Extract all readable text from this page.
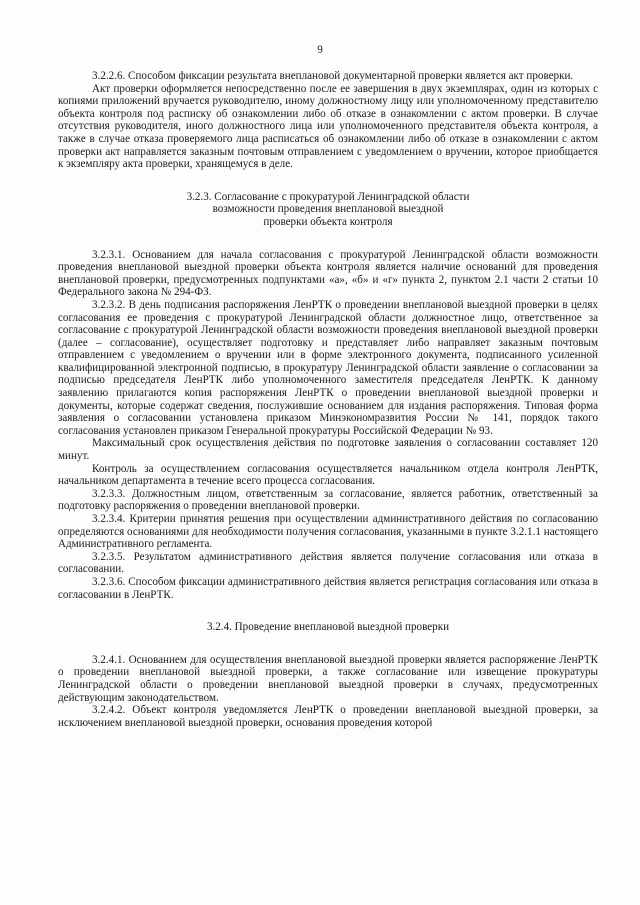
9

3.2.2.6. Способом фиксации результата внеплановой документарной проверки является акт проверки.

Акт проверки оформляется непосредственно после ее завершения в двух экземплярах, один из которых с копиями приложений вручается руководителю, иному должностному лицу или уполномоченному представителю объекта контроля под расписку об ознакомлении либо об отказе в ознакомлении с актом проверки. В случае отсутствия руководителя, иного должностного лица или уполномоченного представителя объекта контроля, а также в случае отказа проверяемого лица расписаться об ознакомлении либо об отказе в ознакомлении с актом проверки акт направляется заказным почтовым отправлением с уведомлением о вручении, которое приобщается к экземпляру акта проверки, хранящемуся в деле.

3.2.3. Согласование с прокуратурой Ленинградской области
возможности проведения внеплановой выездной
проверки объекта контроля

3.2.3.1. Основанием для начала согласования с прокуратурой Ленинградской области возможности проведения внеплановой выездной проверки объекта контроля является наличие оснований для проведения внеплановой проверки, предусмотренных подпунктами «а», «б» и «г» пункта 2, пунктом 2.1 части 2 статьи 10 Федерального закона № 294-ФЗ.

3.2.3.2. В день подписания распоряжения ЛенРТК о проведении внеплановой выездной проверки в целях согласования ее проведения с прокуратурой Ленинградской области должностное лицо, ответственное за согласование с прокуратурой Ленинградской области возможности проведения внеплановой выездной проверки (далее – согласование), осуществляет подготовку и представляет либо направляет заказным почтовым отправлением с уведомлением о вручении или в форме электронного документа, подписанного усиленной квалифицированной электронной подписью, в прокуратуру Ленинградской области заявление о согласовании за подписью председателя ЛенРТК либо уполномоченного заместителя председателя ЛенРТК. К данному заявлению прилагаются копия распоряжения ЛенРТК о проведении внеплановой выездной проверки и документы, которые содержат сведения, послужившие основанием для издания распоряжения. Типовая форма заявления о согласовании установлена приказом Минэкономразвития России № 141, порядок такого согласования установлен приказом Генеральной прокуратуры Российской Федерации № 93.

Максимальный срок осуществления действия по подготовке заявления о согласовании составляет 120 минут.

Контроль за осуществлением согласования осуществляется начальником отдела контроля ЛенРТК, начальником департамента в течение всего процесса согласования.

3.2.3.3. Должностным лицом, ответственным за согласование, является работник, ответственный за подготовку распоряжения о проведении внеплановой проверки.

3.2.3.4. Критерии принятия решения при осуществлении административного действия по согласованию определяются основаниями для необходимости получения согласования, указанными в пункте 3.2.1.1 настоящего Административного регламента.

3.2.3.5. Результатом административного действия является получение согласования или отказа в согласовании.

3.2.3.6. Способом фиксации административного действия является регистрация согласования или отказа в согласовании в ЛенРТК.

3.2.4. Проведение внеплановой выездной проверки

3.2.4.1. Основанием для осуществления внеплановой выездной проверки является распоряжение ЛенРТК о проведении внеплановой выездной проверки, а также согласование или извещение прокуратуры Ленинградской области о проведении внеплановой выездной проверки в случаях, предусмотренных действующим законодательством.

3.2.4.2. Объект контроля уведомляется ЛенРТК о проведении внеплановой выездной проверки, за исключением внеплановой выездной проверки, основания проведения которой
